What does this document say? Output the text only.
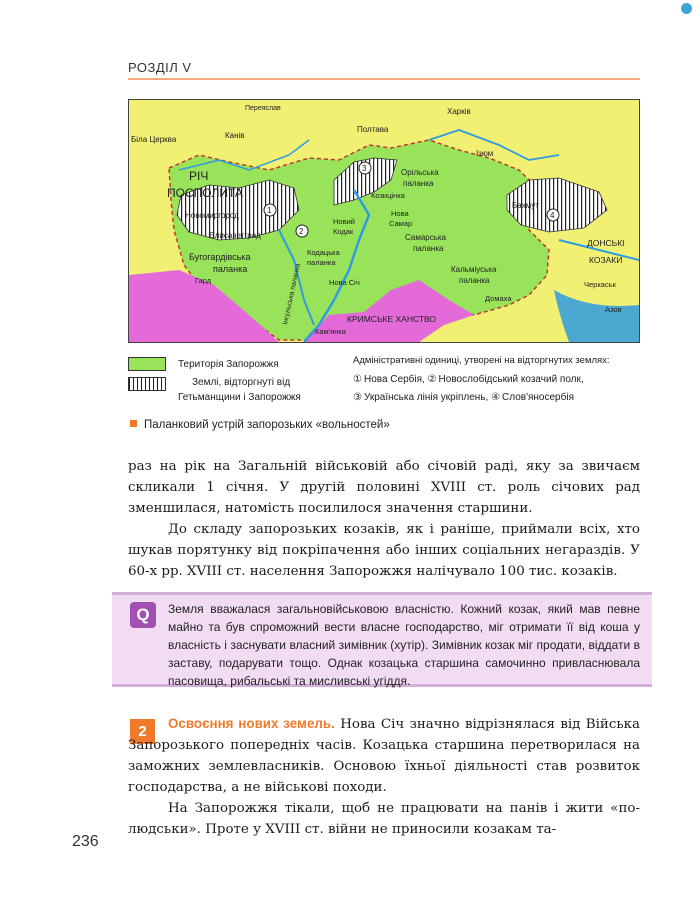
РОЗДІЛ V
Переяслав	Харків
Біла Церква	Канів
Полтава
Ізюм
РІЧ
ПОСПОЛИТА
Орільська
паланка
Козицінка
Нова
Самар
Бахмут
Новомиргород
Єлисаветград
Новий
Кодак
Самарська
паланка
ДОНСЬКІ
КОЗАКИ
Кодацька
паланка
Бугогардівська
паланка
Гард	Нова Січ
Кальміуська
паланка	Черкаськ
Інгульська паланка	Домаха
Азов
КРИМСЬКЕ ХАНСТВО
Кам'янка
1
2
3
4
Територія Запорожжя
Землі, відторгнуті від
Гетьманщини і Запорожжя
Адміністративні одиниці, утворені на відторгнутих землях:
① Нова Сербія, ② Новослобідський козачий полк,
③ Українська лінія укріплень, ④ Слов'яносербія
Паланковий устрій запорозьких «вольностей»

раз на рік на Загальній військовій або січовій раді, яку за звичаєм скликали 1 січня. У другій половині XVIII ст. роль січових рад зменшилася, натомість посилилося значення старшини.

До складу запорозьких козаків, як і раніше, приймали всіх, хто шукав порятунку від покріпачення або інших соціальних негараздів. У 60-х рр. XVIII ст. населення Запорожжя налічувало 100 тис. козаків.

Q	Земля вважалася загальновійськовою власністю. Кожний козак, який мав певне майно та був спроможний вести власне господарство, міг отримати її від коша у власність і заснувати власний зимівник (хутір). Зимівник козак міг продати, віддати в заставу, подарувати тощо. Однак козацька старшина самочинно привласнювала пасовища, рибальські та мисливські угіддя.
2	Освоєння нових земель. Нова Січ значно відрізнялася від Війська Запорозького попередніх часів. Козацька старшина перетворилася на заможних землевласників. Основою їхньої діяльності став розвиток господарства, а не військові походи.

На Запорожжя тікали, щоб не працювати на панів і жити «по-людськи». Проте у XVIII ст. війни не приносили козакам та-

236
